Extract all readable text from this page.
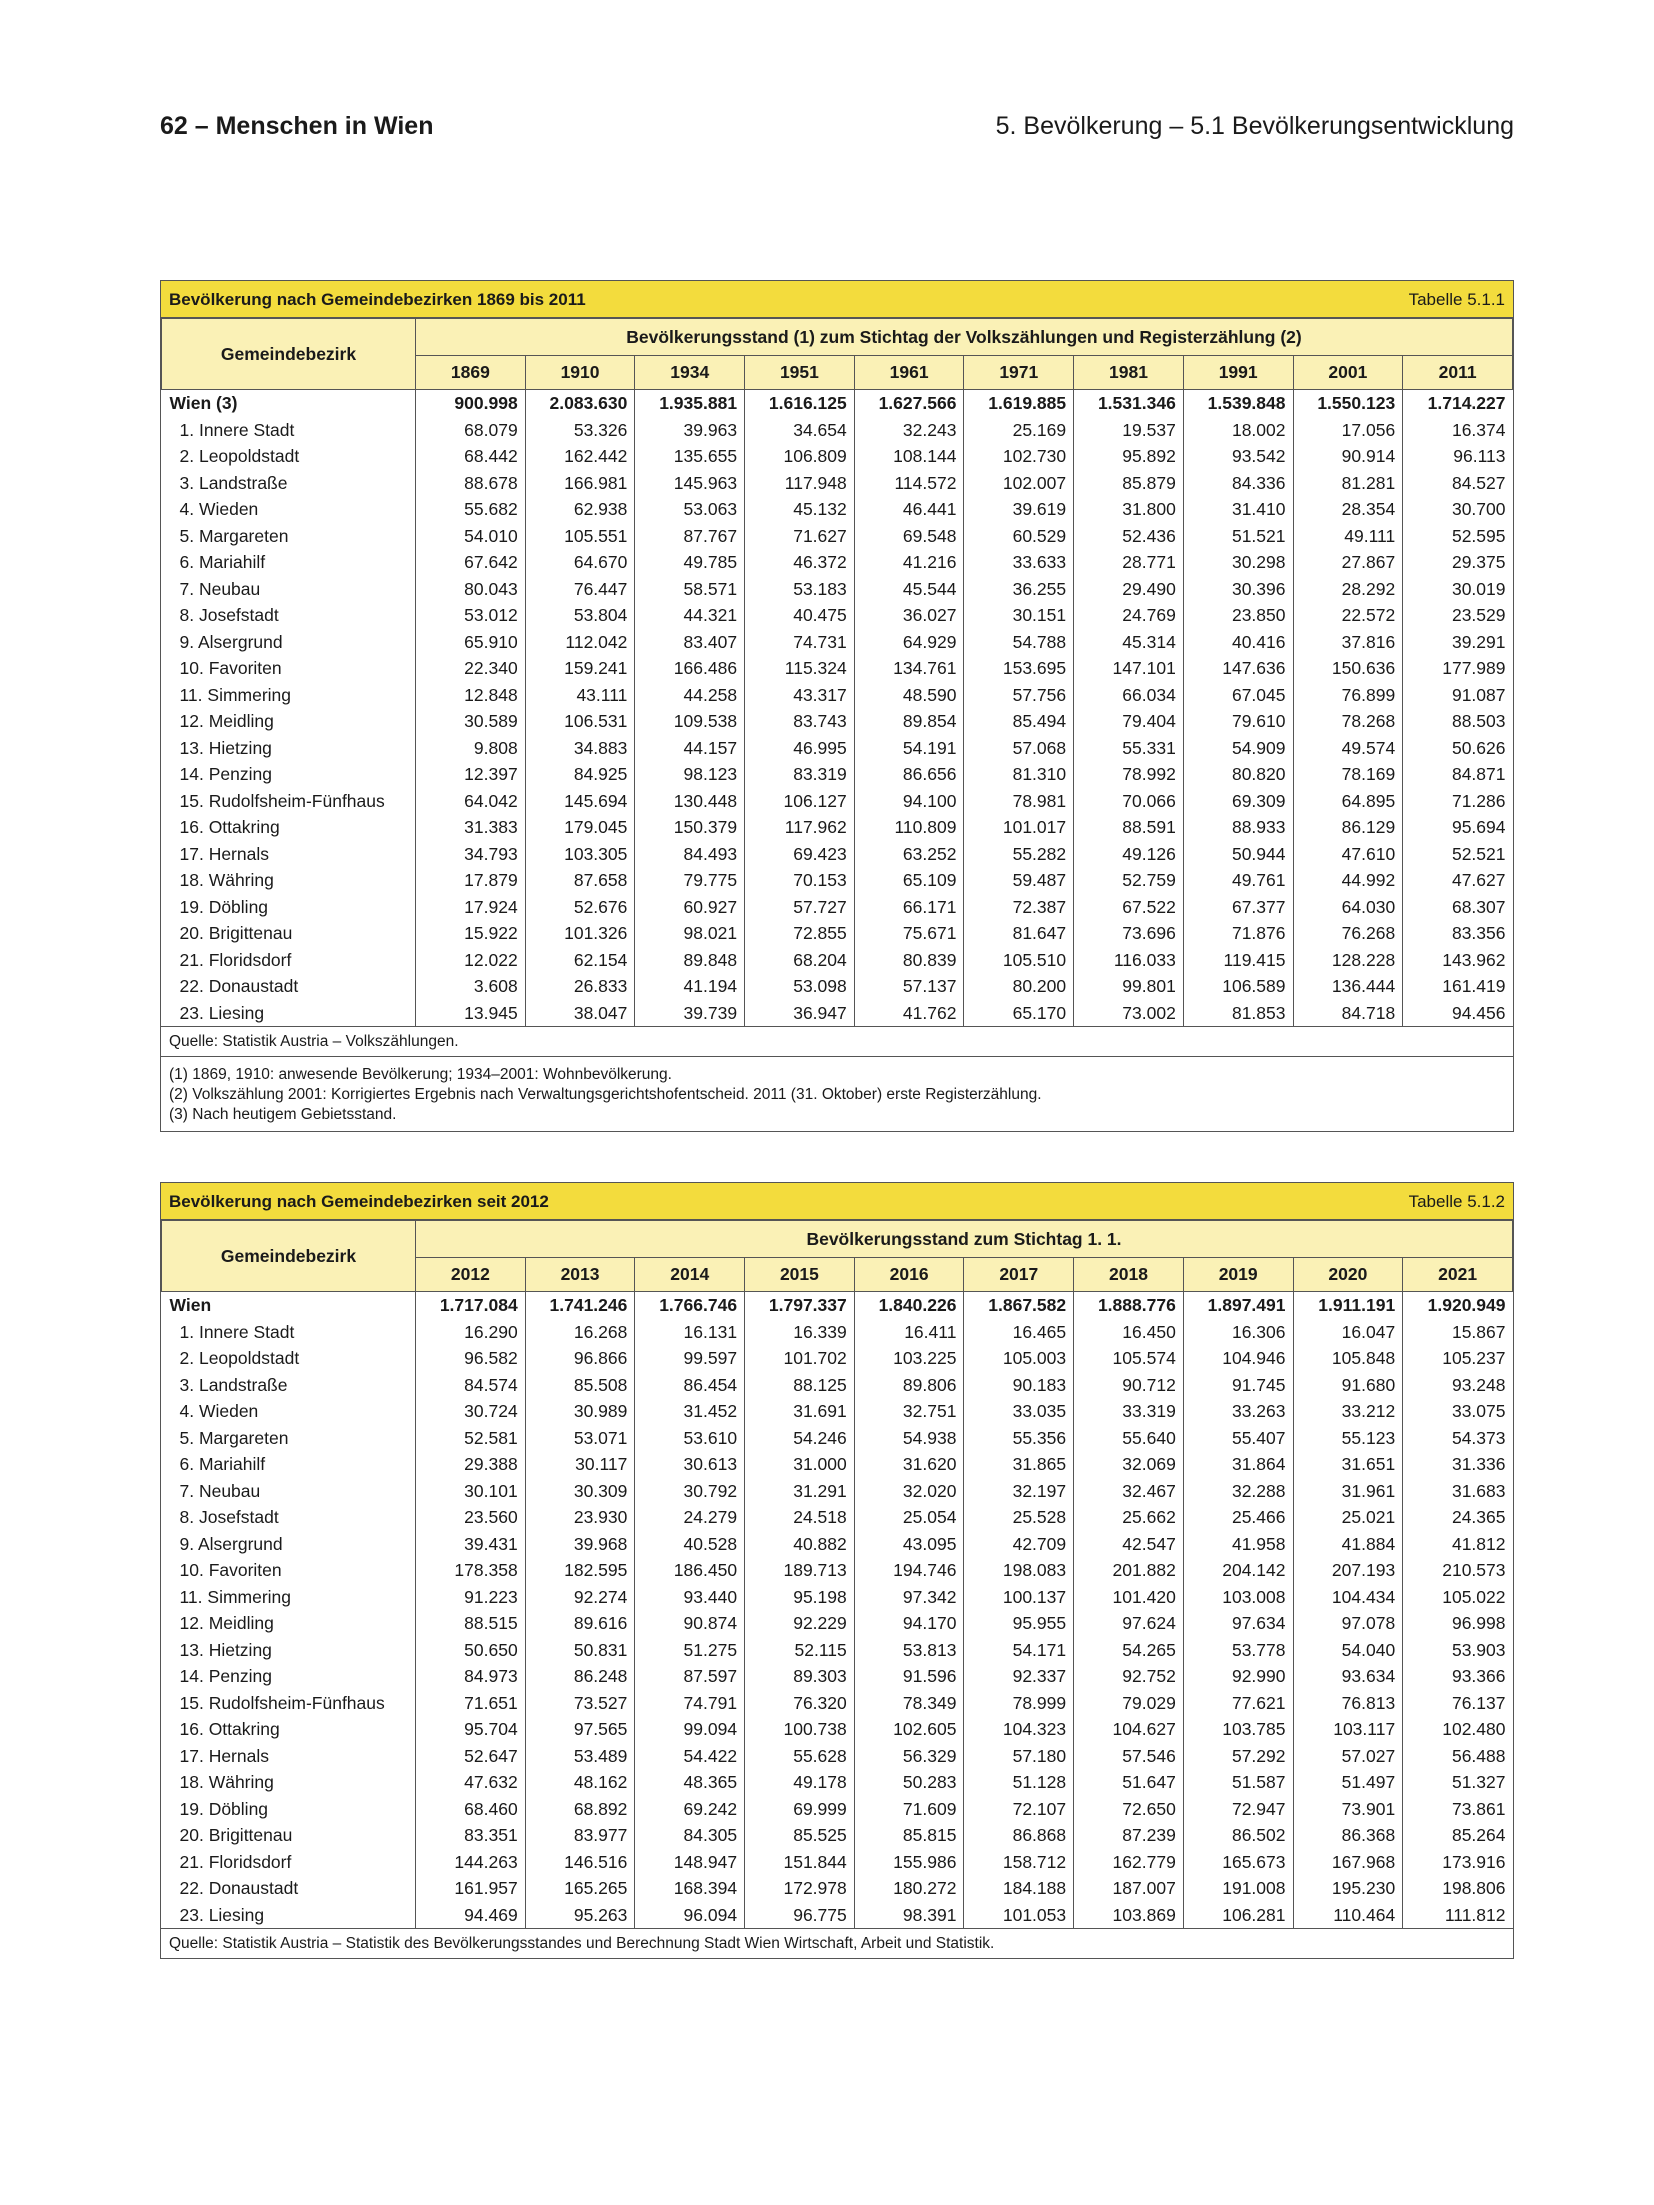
62 – Menschen in Wien	5. Bevölkerung – 5.1 Bevölkerungsentwicklung
Bevölkerung nach Gemeindebezirken 1869 bis 2011	Tabelle 5.1.1
Gemeindebezirk	Bevölkerungsstand (1) zum Stichtag der Volkszählungen und Registerzählung (2)									
	1869	1910	1934	1951	1961	1971	1981	1991	2001	2011
Wien (3)	900.998	2.083.630	1.935.881	1.616.125	1.627.566	1.619.885	1.531.346	1.539.848	1.550.123	1.714.227
1. Innere Stadt	68.079	53.326	39.963	34.654	32.243	25.169	19.537	18.002	17.056	16.374
2. Leopoldstadt	68.442	162.442	135.655	106.809	108.144	102.730	95.892	93.542	90.914	96.113
3. Landstraße	88.678	166.981	145.963	117.948	114.572	102.007	85.879	84.336	81.281	84.527
4. Wieden	55.682	62.938	53.063	45.132	46.441	39.619	31.800	31.410	28.354	30.700
5. Margareten	54.010	105.551	87.767	71.627	69.548	60.529	52.436	51.521	49.111	52.595
6. Mariahilf	67.642	64.670	49.785	46.372	41.216	33.633	28.771	30.298	27.867	29.375
7. Neubau	80.043	76.447	58.571	53.183	45.544	36.255	29.490	30.396	28.292	30.019
8. Josefstadt	53.012	53.804	44.321	40.475	36.027	30.151	24.769	23.850	22.572	23.529
9. Alsergrund	65.910	112.042	83.407	74.731	64.929	54.788	45.314	40.416	37.816	39.291
10. Favoriten	22.340	159.241	166.486	115.324	134.761	153.695	147.101	147.636	150.636	177.989
11. Simmering	12.848	43.111	44.258	43.317	48.590	57.756	66.034	67.045	76.899	91.087
12. Meidling	30.589	106.531	109.538	83.743	89.854	85.494	79.404	79.610	78.268	88.503
13. Hietzing	9.808	34.883	44.157	46.995	54.191	57.068	55.331	54.909	49.574	50.626
14. Penzing	12.397	84.925	98.123	83.319	86.656	81.310	78.992	80.820	78.169	84.871
15. Rudolfsheim-Fünfhaus	64.042	145.694	130.448	106.127	94.100	78.981	70.066	69.309	64.895	71.286
16. Ottakring	31.383	179.045	150.379	117.962	110.809	101.017	88.591	88.933	86.129	95.694
17. Hernals	34.793	103.305	84.493	69.423	63.252	55.282	49.126	50.944	47.610	52.521
18. Währing	17.879	87.658	79.775	70.153	65.109	59.487	52.759	49.761	44.992	47.627
19. Döbling	17.924	52.676	60.927	57.727	66.171	72.387	67.522	67.377	64.030	68.307
20. Brigittenau	15.922	101.326	98.021	72.855	75.671	81.647	73.696	71.876	76.268	83.356
21. Floridsdorf	12.022	62.154	89.848	68.204	80.839	105.510	116.033	119.415	128.228	143.962
22. Donaustadt	3.608	26.833	41.194	53.098	57.137	80.200	99.801	106.589	136.444	161.419
23. Liesing	13.945	38.047	39.739	36.947	41.762	65.170	73.002	81.853	84.718	94.456
Quelle: Statistik Austria – Volkszählungen.
(1) 1869, 1910: anwesende Bevölkerung; 1934–2001: Wohnbevölkerung.
(2) Volkszählung 2001: Korrigiertes Ergebnis nach Verwaltungsgerichtshofentscheid. 2011 (31. Oktober) erste Registerzählung.
(3) Nach heutigem Gebietsstand.
Bevölkerung nach Gemeindebezirken seit 2012	Tabelle 5.1.2
Gemeindebezirk	Bevölkerungsstand zum Stichtag 1. 1.									
	2012	2013	2014	2015	2016	2017	2018	2019	2020	2021
Wien	1.717.084	1.741.246	1.766.746	1.797.337	1.840.226	1.867.582	1.888.776	1.897.491	1.911.191	1.920.949
1. Innere Stadt	16.290	16.268	16.131	16.339	16.411	16.465	16.450	16.306	16.047	15.867
2. Leopoldstadt	96.582	96.866	99.597	101.702	103.225	105.003	105.574	104.946	105.848	105.237
3. Landstraße	84.574	85.508	86.454	88.125	89.806	90.183	90.712	91.745	91.680	93.248
4. Wieden	30.724	30.989	31.452	31.691	32.751	33.035	33.319	33.263	33.212	33.075
5. Margareten	52.581	53.071	53.610	54.246	54.938	55.356	55.640	55.407	55.123	54.373
6. Mariahilf	29.388	30.117	30.613	31.000	31.620	31.865	32.069	31.864	31.651	31.336
7. Neubau	30.101	30.309	30.792	31.291	32.020	32.197	32.467	32.288	31.961	31.683
8. Josefstadt	23.560	23.930	24.279	24.518	25.054	25.528	25.662	25.466	25.021	24.365
9. Alsergrund	39.431	39.968	40.528	40.882	43.095	42.709	42.547	41.958	41.884	41.812
10. Favoriten	178.358	182.595	186.450	189.713	194.746	198.083	201.882	204.142	207.193	210.573
11. Simmering	91.223	92.274	93.440	95.198	97.342	100.137	101.420	103.008	104.434	105.022
12. Meidling	88.515	89.616	90.874	92.229	94.170	95.955	97.624	97.634	97.078	96.998
13. Hietzing	50.650	50.831	51.275	52.115	53.813	54.171	54.265	53.778	54.040	53.903
14. Penzing	84.973	86.248	87.597	89.303	91.596	92.337	92.752	92.990	93.634	93.366
15. Rudolfsheim-Fünfhaus	71.651	73.527	74.791	76.320	78.349	78.999	79.029	77.621	76.813	76.137
16. Ottakring	95.704	97.565	99.094	100.738	102.605	104.323	104.627	103.785	103.117	102.480
17. Hernals	52.647	53.489	54.422	55.628	56.329	57.180	57.546	57.292	57.027	56.488
18. Währing	47.632	48.162	48.365	49.178	50.283	51.128	51.647	51.587	51.497	51.327
19. Döbling	68.460	68.892	69.242	69.999	71.609	72.107	72.650	72.947	73.901	73.861
20. Brigittenau	83.351	83.977	84.305	85.525	85.815	86.868	87.239	86.502	86.368	85.264
21. Floridsdorf	144.263	146.516	148.947	151.844	155.986	158.712	162.779	165.673	167.968	173.916
22. Donaustadt	161.957	165.265	168.394	172.978	180.272	184.188	187.007	191.008	195.230	198.806
23. Liesing	94.469	95.263	96.094	96.775	98.391	101.053	103.869	106.281	110.464	111.812
Quelle: Statistik Austria – Statistik des Bevölkerungsstandes und Berechnung Stadt Wien Wirtschaft, Arbeit und Statistik.
